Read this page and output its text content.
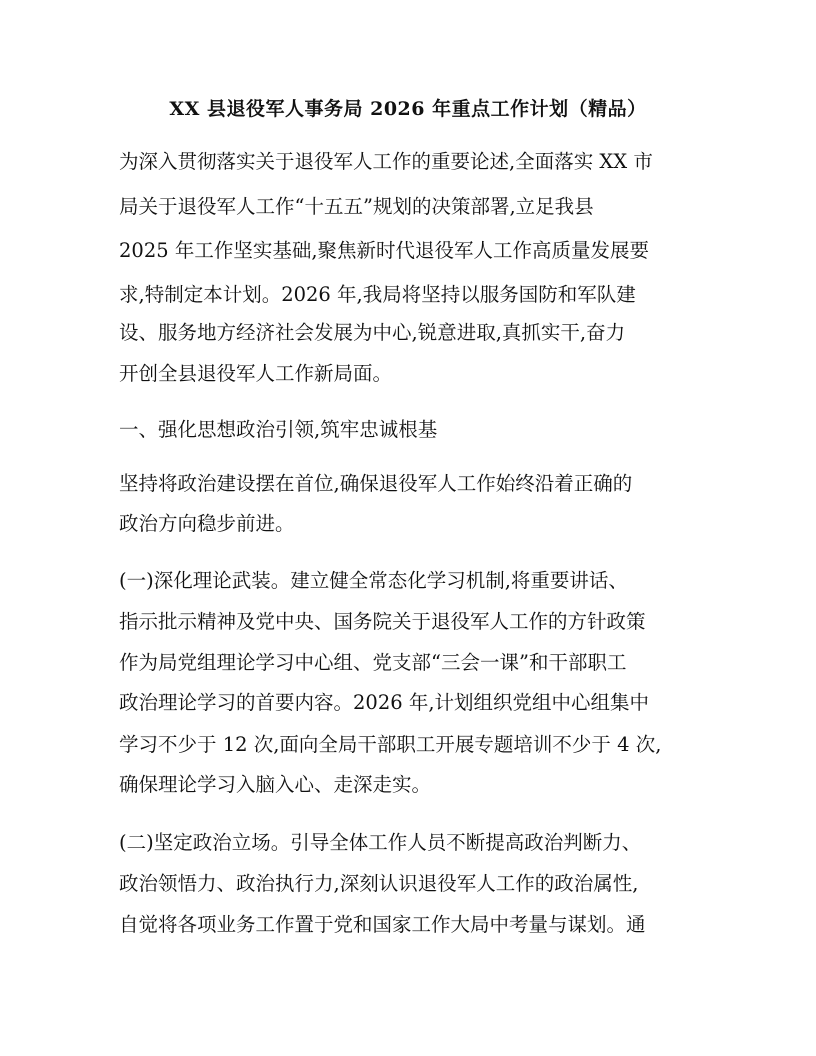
XX 县退役军人事务局 2026 年重点工作计划（精品）
为深入贯彻落实关于退役军人工作的重要论述,全面落实 XX 市
局关于退役军人工作“十五五”规划的决策部署,立足我县
2025 年工作坚实基础,聚焦新时代退役军人工作高质量发展要
求,特制定本计划。2026 年,我局将坚持以服务国防和军队建
设、服务地方经济社会发展为中心,锐意进取,真抓实干,奋力
开创全县退役军人工作新局面。
一、强化思想政治引领,筑牢忠诚根基
坚持将政治建设摆在首位,确保退役军人工作始终沿着正确的
政治方向稳步前进。
(一)深化理论武装。建立健全常态化学习机制,将重要讲话、
指示批示精神及党中央、国务院关于退役军人工作的方针政策
作为局党组理论学习中心组、党支部“三会一课”和干部职工
政治理论学习的首要内容。2026 年,计划组织党组中心组集中
学习不少于 12 次,面向全局干部职工开展专题培训不少于 4 次,
确保理论学习入脑入心、走深走实。
(二)坚定政治立场。引导全体工作人员不断提高政治判断力、
政治领悟力、政治执行力,深刻认识退役军人工作的政治属性,
自觉将各项业务工作置于党和国家工作大局中考量与谋划。通
